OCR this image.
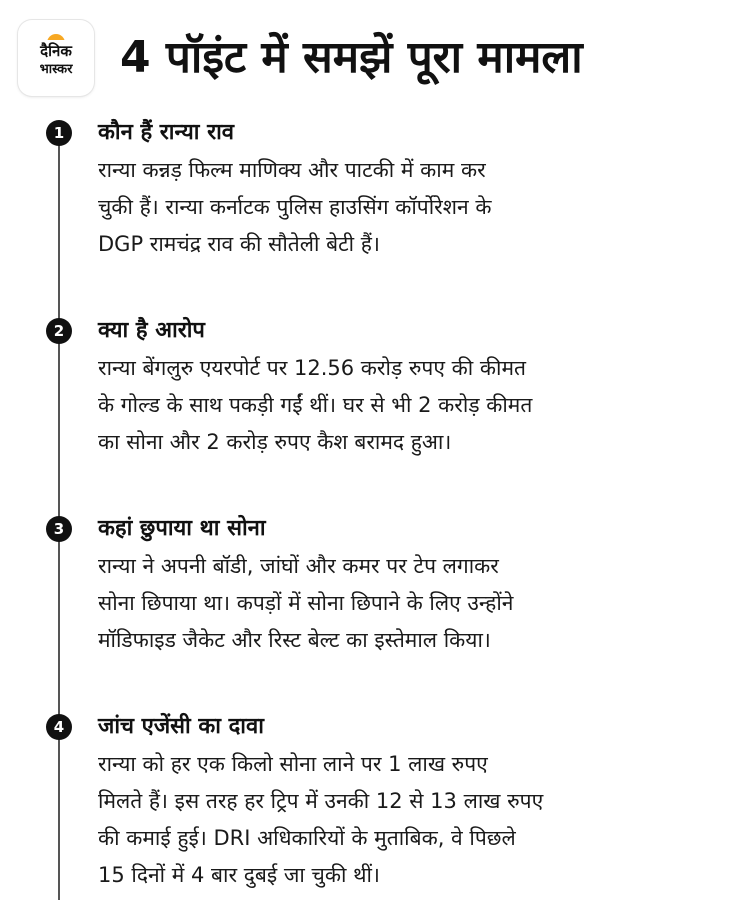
दैनिक
भास्कर	4 पॉइंट में समझें पूरा मामला
1	कौन हैं रान्या राव
रान्या कन्नड़ फिल्म माणिक्य और पाटकी में काम कर
चुकी हैं। रान्या कर्नाटक पुलिस हाउसिंग कॉर्पोरेशन के
DGP रामचंद्र राव की सौतेली बेटी हैं।
2	क्या है आरोप
रान्या बेंगलुरु एयरपोर्ट पर 12.56 करोड़ रुपए की कीमत
के गोल्ड के साथ पकड़ी गईं थीं। घर से भी 2 करोड़ कीमत
का सोना और 2 करोड़ रुपए कैश बरामद हुआ।
3	कहां छुपाया था सोना
रान्या ने अपनी बॉडी, जांघों और कमर पर टेप लगाकर
सोना छिपाया था। कपड़ों में सोना छिपाने के लिए उन्होंने
मॉडिफाइड जैकेट और रिस्ट बेल्ट का इस्तेमाल किया।
4	जांच एजेंसी का दावा
रान्या को हर एक किलो सोना लाने पर 1 लाख रुपए
मिलते हैं। इस तरह हर ट्रिप में उनकी 12 से 13 लाख रुपए
की कमाई हुई। DRI अधिकारियों के मुताबिक, वे पिछले
15 दिनों में 4 बार दुबई जा चुकी थीं।
